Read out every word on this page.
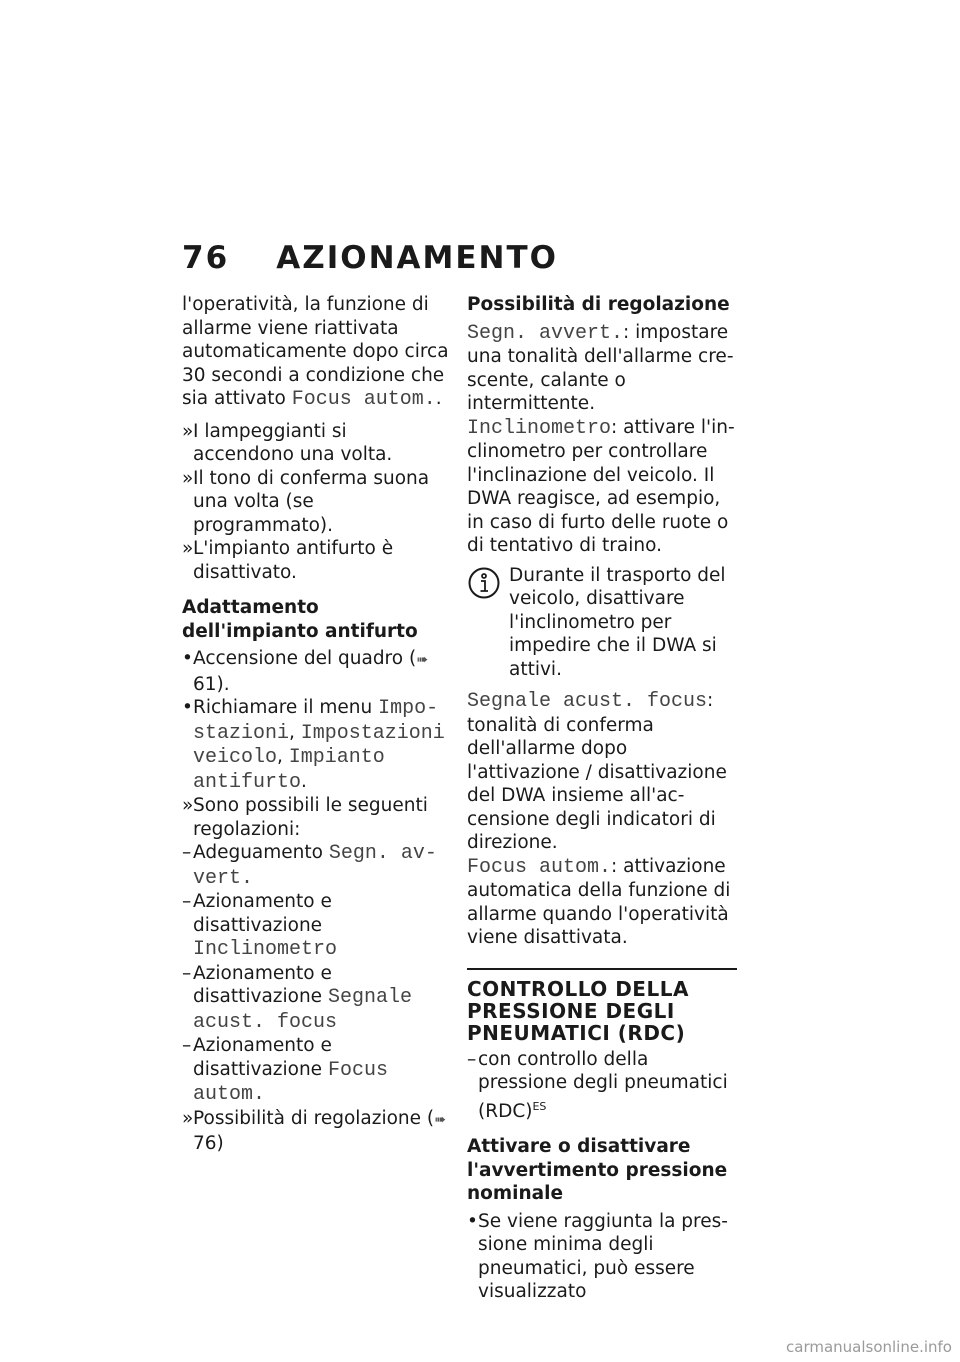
76 AZIONAMENTO

l'operatività, la funzione di allarme viene riattivata automaticamente dopo circa 30 secondi a condizione che sia attivato Focus autom..

» I lampeggianti si accendono una volta.

» Il tono di conferma suona una volta (se programmato).

» L'impianto antifurto è disattivato.

Adattamento dell'impianto antifurto

• Accensione del quadro (➠ 61).

• Richiamare il menu Impostazioni, Impostazioni veicolo, Impianto antifurto.

» Sono possibili le seguenti regolazioni:

– Adeguamento Segn. avvert.

– Azionamento e disattivazione Inclinometro

– Azionamento e disattivazione Segnale acust. focus

– Azionamento e disattivazione Focus autom.

» Possibilità di regolazione (➠ 76)

Possibilità di regolazione

Segn. avvert.: impostare una tonalità dell'allarme crescente, calante o intermittente.

Inclinometro: attivare l'inclinometro per controllare l'inclinazione del veicolo. Il DWA reagisce, ad esempio, in caso di furto delle ruote o di tentativo di traino.

Durante il trasporto del veicolo, disattivare l'inclinometro per impedire che il DWA si attivi.

Segnale acust. focus: tonalità di conferma dell'allarme dopo l'attivazione / disattivazione del DWA insieme all'accensione degli indicatori di direzione.

Focus autom.: attivazione automatica della funzione di allarme quando l'operatività viene disattivata.

CONTROLLO DELLA PRESSIONE DEGLI PNEUMATICI (RDC)

– con controllo della pressione degli pneumatici (RDC)$^{ES}$

Attivare o disattivare l'avvertimento pressione nominale

• Se viene raggiunta la pressione minima degli pneumatici, può essere visualizzato

carmanualsonline.info
